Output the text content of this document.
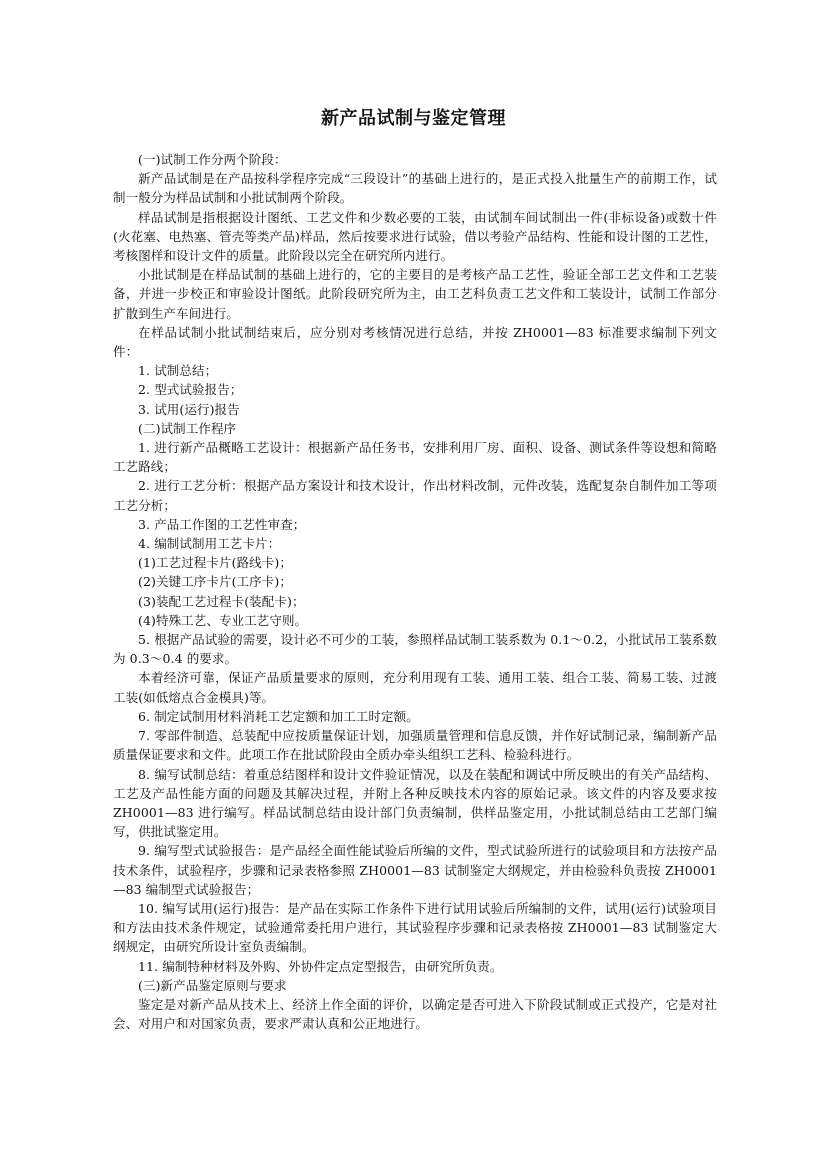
新产品试制与鉴定管理

(一)试制工作分两个阶段：

新产品试制是在产品按科学程序完成“三段设计”的基础上进行的，是正式投入批量生产的前期工作，试制一般分为样品试制和小批试制两个阶段。

样品试制是指根据设计图纸、工艺文件和少数必要的工装，由试制车间试制出一件(非标设备)或数十件(火花塞、电热塞、管壳等类产品)样品，然后按要求进行试验，借以考验产品结构、性能和设计图的工艺性，考核图样和设计文件的质量。此阶段以完全在研究所内进行。

小批试制是在样品试制的基础上进行的，它的主要目的是考核产品工艺性，验证全部工艺文件和工艺装备，并进一步校正和审验设计图纸。此阶段研究所为主，由工艺科负责工艺文件和工装设计，试制工作部分扩散到生产车间进行。

在样品试制小批试制结束后，应分别对考核情况进行总结，并按 ZH0001—83 标准要求编制下列文件：

1. 试制总结；

2. 型式试验报告；

3. 试用(运行)报告

(二)试制工作程序

1. 进行新产品概略工艺设计：根据新产品任务书，安排利用厂房、面积、设备、测试条件等设想和简略工艺路线；

2. 进行工艺分析：根据产品方案设计和技术设计，作出材料改制，元件改装，选配复杂自制件加工等项工艺分析；

3. 产品工作图的工艺性审查；

4. 编制试制用工艺卡片：

(1)工艺过程卡片(路线卡)；

(2)关键工序卡片(工序卡)；

(3)装配工艺过程卡(装配卡)；

(4)特殊工艺、专业工艺守则。

5. 根据产品试验的需要，设计必不可少的工装，参照样品试制工装系数为 0.1～0.2，小批试吊工装系数为 0.3～0.4 的要求。

本着经济可靠，保证产品质量要求的原则，充分利用现有工装、通用工装、组合工装、简易工装、过渡工装(如低熔点合金模具)等。

6. 制定试制用材料消耗工艺定额和加工工时定额。

7. 零部件制造、总装配中应按质量保证计划，加强质量管理和信息反馈，并作好试制记录，编制新产品质量保证要求和文件。此项工作在批试阶段由全质办牵头组织工艺科、检验科进行。

8. 编写试制总结：着重总结图样和设计文件验证情况，以及在装配和调试中所反映出的有关产品结构、工艺及产品性能方面的问题及其解决过程，并附上各种反映技术内容的原始记录。该文件的内容及要求按 ZH0001—83 进行编写。样品试制总结由设计部门负责编制，供样品鉴定用，小批试制总结由工艺部门编写，供批试鉴定用。

9. 编写型式试验报告：是产品经全面性能试验后所编的文件，型式试验所进行的试验项目和方法按产品技术条件，试验程序，步骤和记录表格参照 ZH0001—83 试制鉴定大纲规定，并由检验科负责按 ZH0001—83 编制型式试验报告；

10. 编写试用(运行)报告：是产品在实际工作条件下进行试用试验后所编制的文件，试用(运行)试验项目和方法由技术条件规定，试验通常委托用户进行，其试验程序步骤和记录表格按 ZH0001—83 试制鉴定大纲规定，由研究所设计室负责编制。

11. 编制特种材料及外购、外协件定点定型报告，由研究所负责。

(三)新产品鉴定原则与要求

鉴定是对新产品从技术上、经济上作全面的评价，以确定是否可进入下阶段试制或正式投产，它是对社会、对用户和对国家负责，要求严肃认真和公正地进行。
